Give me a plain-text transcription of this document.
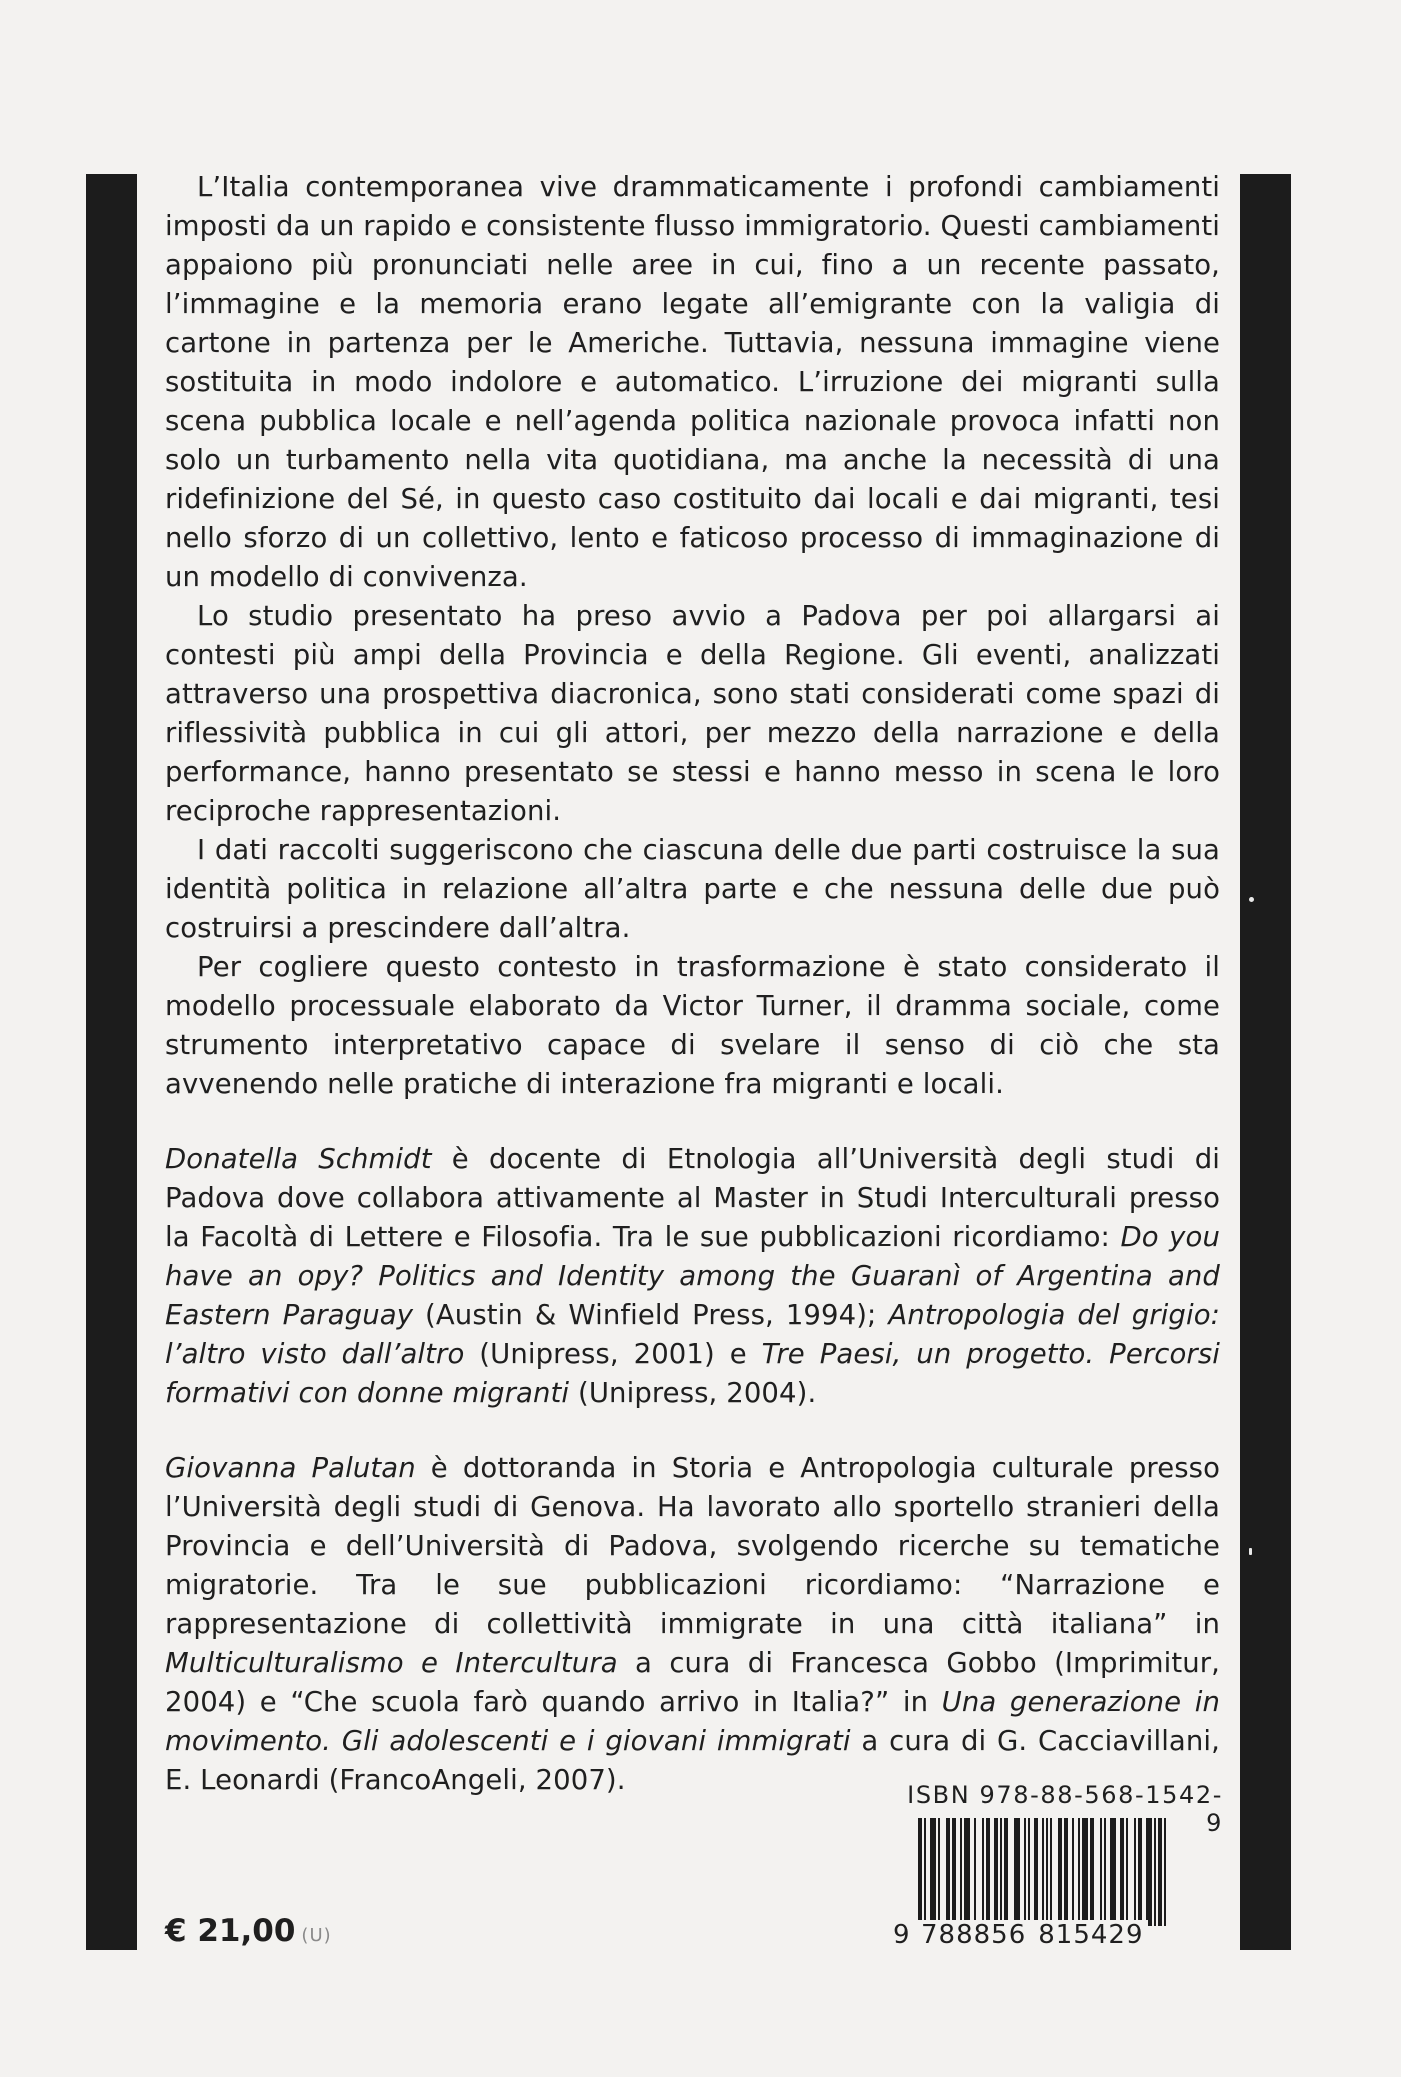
L’Italia contemporanea vive drammaticamente i profondi cambiamenti imposti da un rapido e consistente flusso immigratorio. Questi cambiamenti appaiono più pronunciati nelle aree in cui, fino a un recente passato, l’immagine e la memoria erano legate all’emigrante con la valigia di cartone in partenza per le Americhe. Tuttavia, nessuna immagine viene sostituita in modo indolore e automatico. L’irruzione dei migranti sulla scena pubblica locale e nell’agenda politica nazionale provoca infatti non solo un turbamento nella vita quotidiana, ma anche la necessità di una ridefinizione del Sé, in questo caso costituito dai locali e dai migranti, tesi nello sforzo di un collettivo, lento e faticoso processo di immaginazione di un modello di convivenza.

Lo studio presentato ha preso avvio a Padova per poi allargarsi ai contesti più ampi della Provincia e della Regione. Gli eventi, analizzati attraverso una prospettiva diacronica, sono stati considerati come spazi di riflessività pubblica in cui gli attori, per mezzo della narrazione e della performance, hanno presentato se stessi e hanno messo in scena le loro reciproche rappresentazioni.

I dati raccolti suggeriscono che ciascuna delle due parti costruisce la sua identità politica in relazione all’altra parte e che nessuna delle due può costruirsi a prescindere dall’altra.

Per cogliere questo contesto in trasformazione è stato considerato il modello processuale elaborato da Victor Turner, il dramma sociale, come strumento interpretativo capace di svelare il senso di ciò che sta avvenendo nelle pratiche di interazione fra migranti e locali.

Donatella Schmidt è docente di Etnologia all’Università degli studi di Padova dove collabora attivamente al Master in Studi Interculturali presso la Facoltà di Lettere e Filosofia. Tra le sue pubblicazioni ricordiamo: Do you have an opy? Politics and Identity among the Guaranì of Argentina and Eastern Paraguay (Austin & Winfield Press, 1994); Antropologia del grigio: l’altro visto dall’altro (Unipress, 2001) e Tre Paesi, un progetto. Percorsi formativi con donne migranti (Unipress, 2004).

Giovanna Palutan è dottoranda in Storia e Antropologia culturale presso l’Università degli studi di Genova. Ha lavorato allo sportello stranieri della Provincia e dell’Università di Padova, svolgendo ricerche su tematiche migratorie. Tra le sue pubblicazioni ricordiamo: “Narrazione e rappresentazione di collettività immigrate in una città italiana” in Multiculturalismo e Intercultura a cura di Francesca Gobbo (Imprimitur, 2004) e “Che scuola farò quando arrivo in Italia?” in Una generazione in movimento. Gli adolescenti e i giovani immigrati a cura di G. Cacciavillani, E. Leonardi (FrancoAngeli, 2007).	ISBN 978-88-568-1542-9
9 788856 815429
€ 21,00 (U)
